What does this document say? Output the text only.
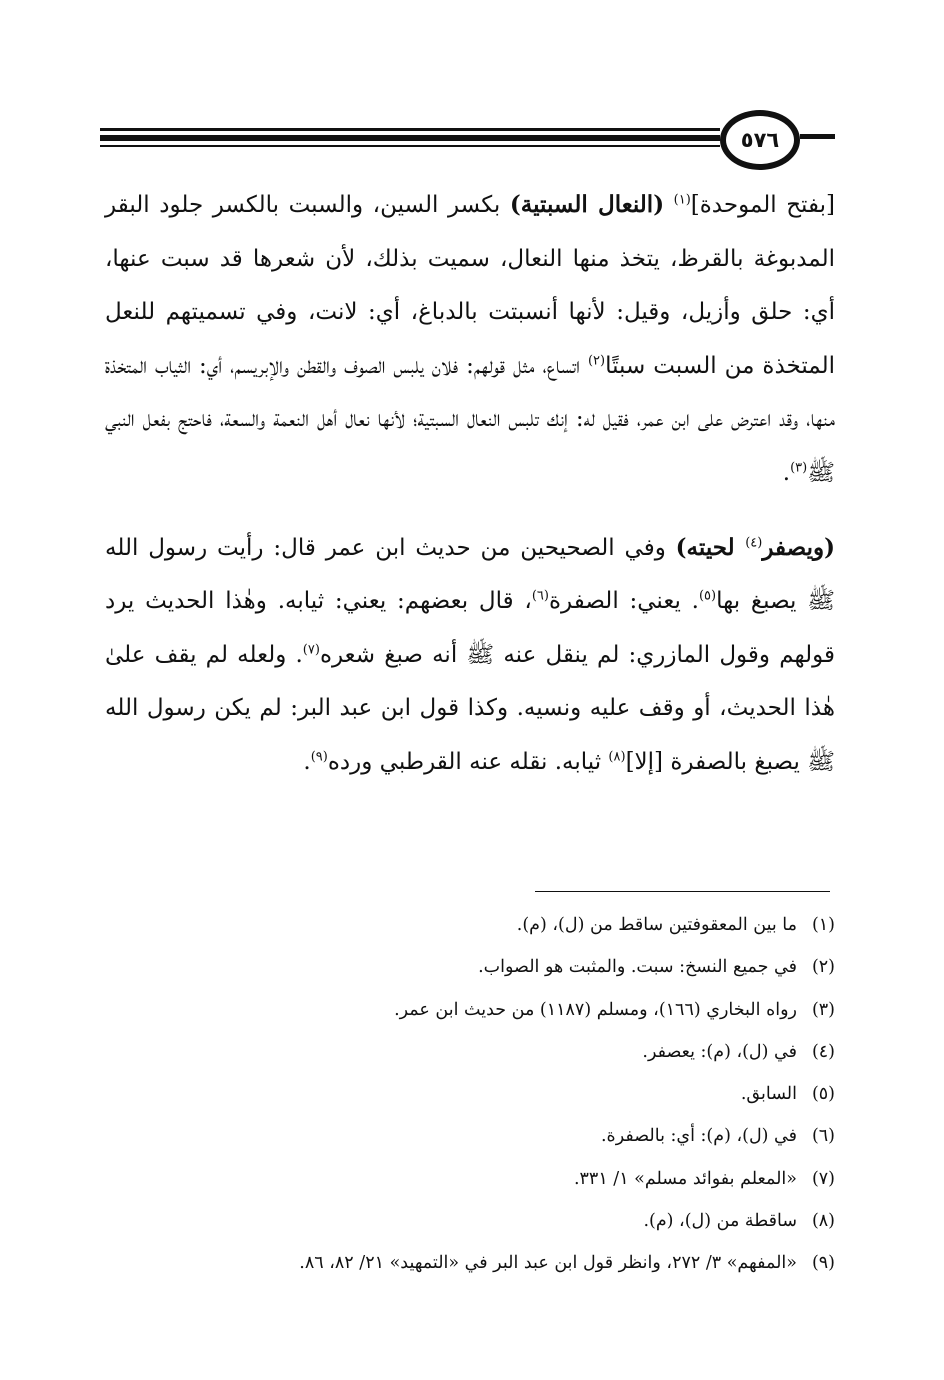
٥٧٦

[بفتح الموحدة]$^{(١)}$ (النعال السبتية) بكسر السين، والسبت بالكسر جلود البقر المدبوغة بالقرظ، يتخذ منها النعال، سميت بذلك، لأن شعرها قد سبت عنها، أي: حلق وأزيل، وقيل: لأنها أنسبتت بالدباغ، أي: لانت، وفي تسميتهم للنعل المتخذة من السبت سبتًا$^{(٢)}$ اتساع، مثل قولهم: فلان يلبس الصوف والقطن والإبريسم، أي: الثياب المتخذة منها، وقد اعترض على ابن عمر، فقيل له: إنك تلبس النعال السبتية؛ لأنها نعال أهل النعمة والسعة، فاحتج بفعل النبي ﷺ$^{(٣)}$.

(ويصفر$^{(٤)}$ لحيته) وفي الصحيحين من حديث ابن عمر قال: رأيت رسول الله ﷺ يصبغ بها$^{(٥)}$. يعني: الصفرة$^{(٦)}$، قال بعضهم: يعني: ثيابه. وهٰذا الحديث يرد قولهم وقول المازري: لم ينقل عنه ﷺ أنه صبغ شعره$^{(٧)}$. ولعله لم يقف علىٰ هٰذا الحديث، أو وقف عليه ونسيه. وكذا قول ابن عبد البر: لم يكن رسول الله ﷺ يصبغ بالصفرة [إلا]$^{(٨)}$ ثيابه. نقله عنه القرطبي ورده$^{(٩)}$.

(١)ما بين المعقوفتين ساقط من (ل)، (م).
(٢)في جميع النسخ: سبت. والمثبت هو الصواب.
(٣)رواه البخاري (١٦٦)، ومسلم (١١٨٧) من حديث ابن عمر.
(٤)في (ل)، (م): يعصفر.
(٥)السابق.
(٦)في (ل)، (م): أي: بالصفرة.
(٧)«المعلم بفوائد مسلم» ١/ ٣٣١.
(٨)ساقطة من (ل)، (م).
(٩)«المفهم» ٣/ ٢٧٢، وانظر قول ابن عبد البر في «التمهيد» ٢١/ ٨٢، ٨٦.
